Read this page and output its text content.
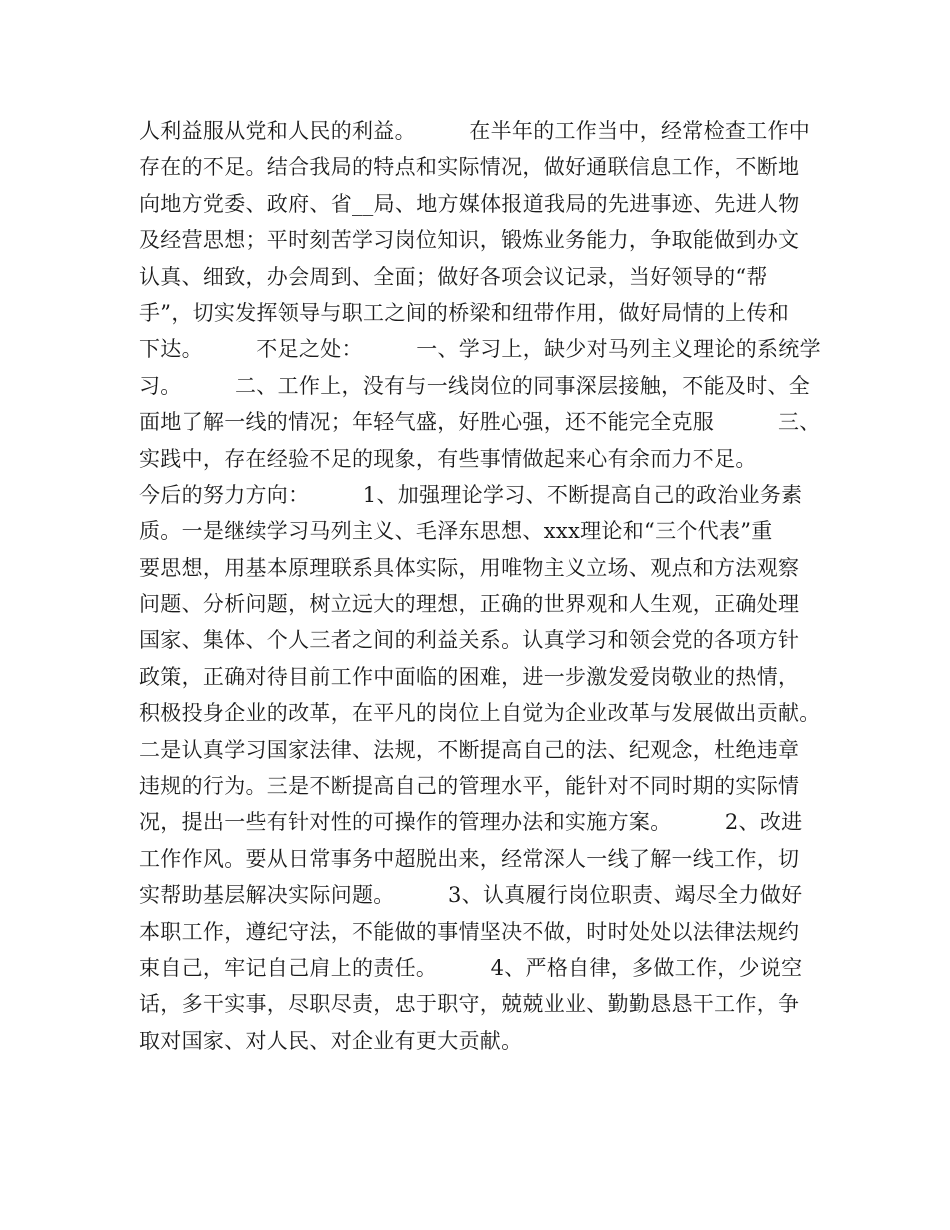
人利益服从党和人民的利益。　　　在半年的工作当中，经常检查工作中
存在的不足。结合我局的特点和实际情况，做好通联信息工作，不断地
向地方党委、政府、省__局、地方媒体报道我局的先进事迹、先进人物
及经营思想；平时刻苦学习岗位知识，锻炼业务能力，争取能做到办文
认真、细致，办会周到、全面；做好各项会议记录，当好领导的“帮
手”，切实发挥领导与职工之间的桥梁和纽带作用，做好局情的上传和
下达。　　　不足之处：　　　一、学习上，缺少对马列主义理论的系统学
习。　　　二、工作上，没有与一线岗位的同事深层接触，不能及时、全
面地了解一线的情况；年轻气盛，好胜心强，还不能完全克服　　　三、
实践中，存在经验不足的现象，有些事情做起来心有余而力不足。
今后的努力方向：　　　1、加强理论学习、不断提高自己的政治业务素
质。一是继续学习马列主义、毛泽东思想、xxx理论和“三个代表”重
要思想，用基本原理联系具体实际，用唯物主义立场、观点和方法观察
问题、分析问题，树立远大的理想，正确的世界观和人生观，正确处理
国家、集体、个人三者之间的利益关系。认真学习和领会党的各项方针
政策，正确对待目前工作中面临的困难，进一步激发爱岗敬业的热情，
积极投身企业的改革，在平凡的岗位上自觉为企业改革与发展做出贡献。
二是认真学习国家法律、法规，不断提高自己的法、纪观念，杜绝违章
违规的行为。三是不断提高自己的管理水平，能针对不同时期的实际情
况，提出一些有针对性的可操作的管理办法和实施方案。　　　2、改进
工作作风。要从日常事务中超脱出来，经常深人一线了解一线工作，切
实帮助基层解决实际问题。　　　3、认真履行岗位职责、竭尽全力做好
本职工作，遵纪守法，不能做的事情坚决不做，时时处处以法律法规约
束自己，牢记自己肩上的责任。　　　4、严格自律，多做工作，少说空
话，多干实事，尽职尽责，忠于职守，兢兢业业、勤勤恳恳干工作，争
取对国家、对人民、对企业有更大贡献。
